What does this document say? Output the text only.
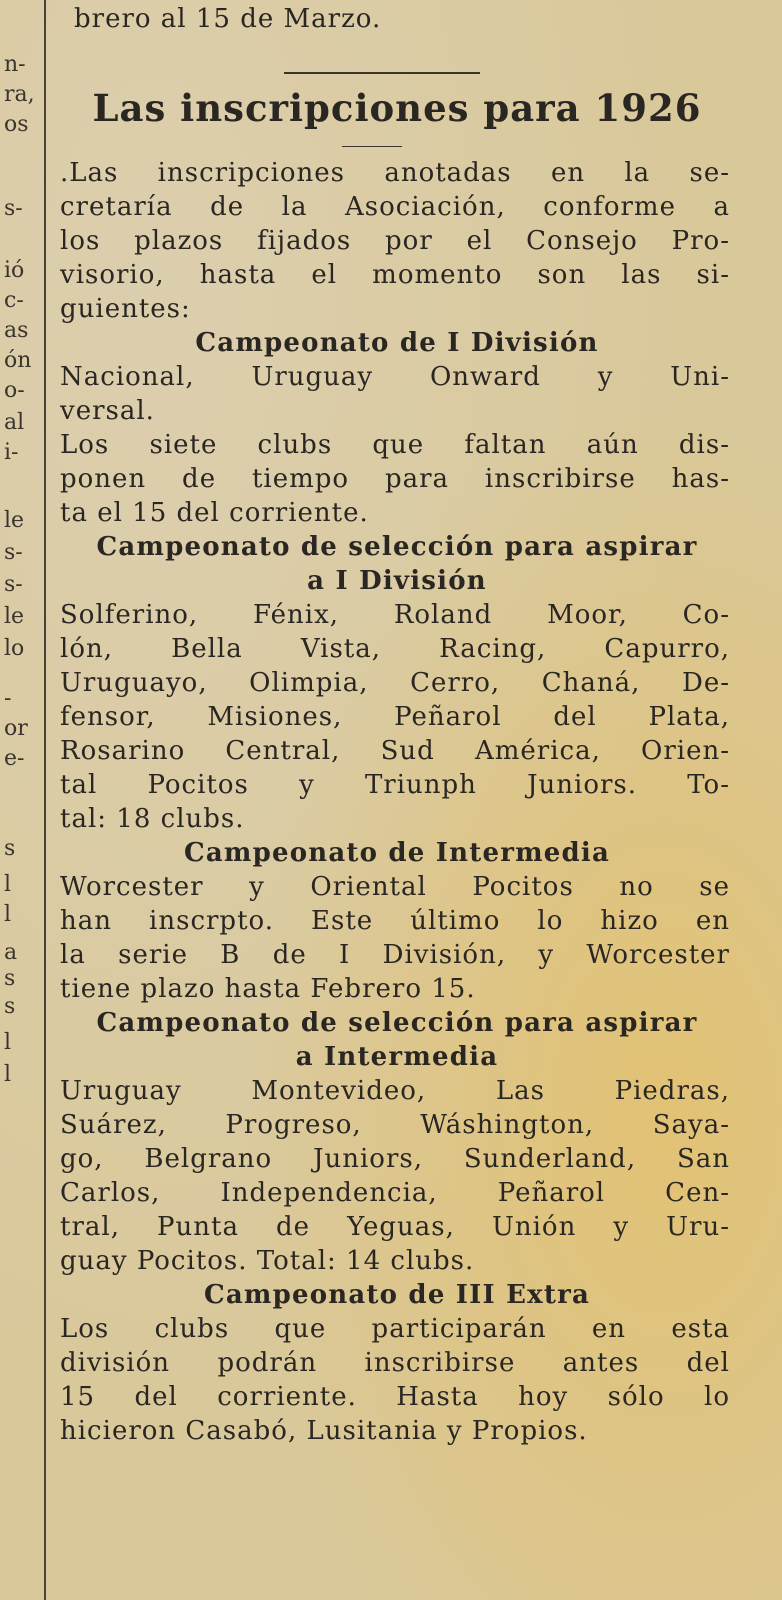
n-
ra,
os
s-
ió
c-
as
ón
o-
al
i-
le
s-
s-
le
lo
-
or
e-
s
l
l
a
s
s
l
l
brero al 15 de Marzo.
Las inscripciones para 1926
.Las inscripciones anotadas en la se-
cretaría de la Asociación, conforme a
los plazos fijados por el Consejo Pro-
visorio, hasta el momento son las si-
guientes:
Campeonato de I División
Nacional, Uruguay Onward y Uni-
versal.
Los siete clubs que faltan aún dis-
ponen de tiempo para inscribirse has-
ta el 15 del corriente.
Campeonato de selección para aspirar
a I División
Solferino, Fénix, Roland Moor, Co-
lón, Bella Vista, Racing, Capurro,
Uruguayo, Olimpia, Cerro, Chaná, De-
fensor, Misiones, Peñarol del Plata,
Rosarino Central, Sud América, Orien-
tal Pocitos y Triunph Juniors. To-
tal: 18 clubs.
Campeonato de Intermedia
Worcester y Oriental Pocitos no se
han inscrpto. Este último lo hizo en
la serie B de I División, y Worcester
tiene plazo hasta Febrero 15.
Campeonato de selección para aspirar
a Intermedia
Uruguay Montevideo, Las Piedras,
Suárez, Progreso, Wáshington, Saya-
go, Belgrano Juniors, Sunderland, San
Carlos, Independencia, Peñarol Cen-
tral, Punta de Yeguas, Unión y Uru-
guay Pocitos. Total: 14 clubs.
Campeonato de III Extra
Los clubs que participarán en esta
división podrán inscribirse antes del
15 del corriente. Hasta hoy sólo lo
hicieron Casabó, Lusitania y Propios.
